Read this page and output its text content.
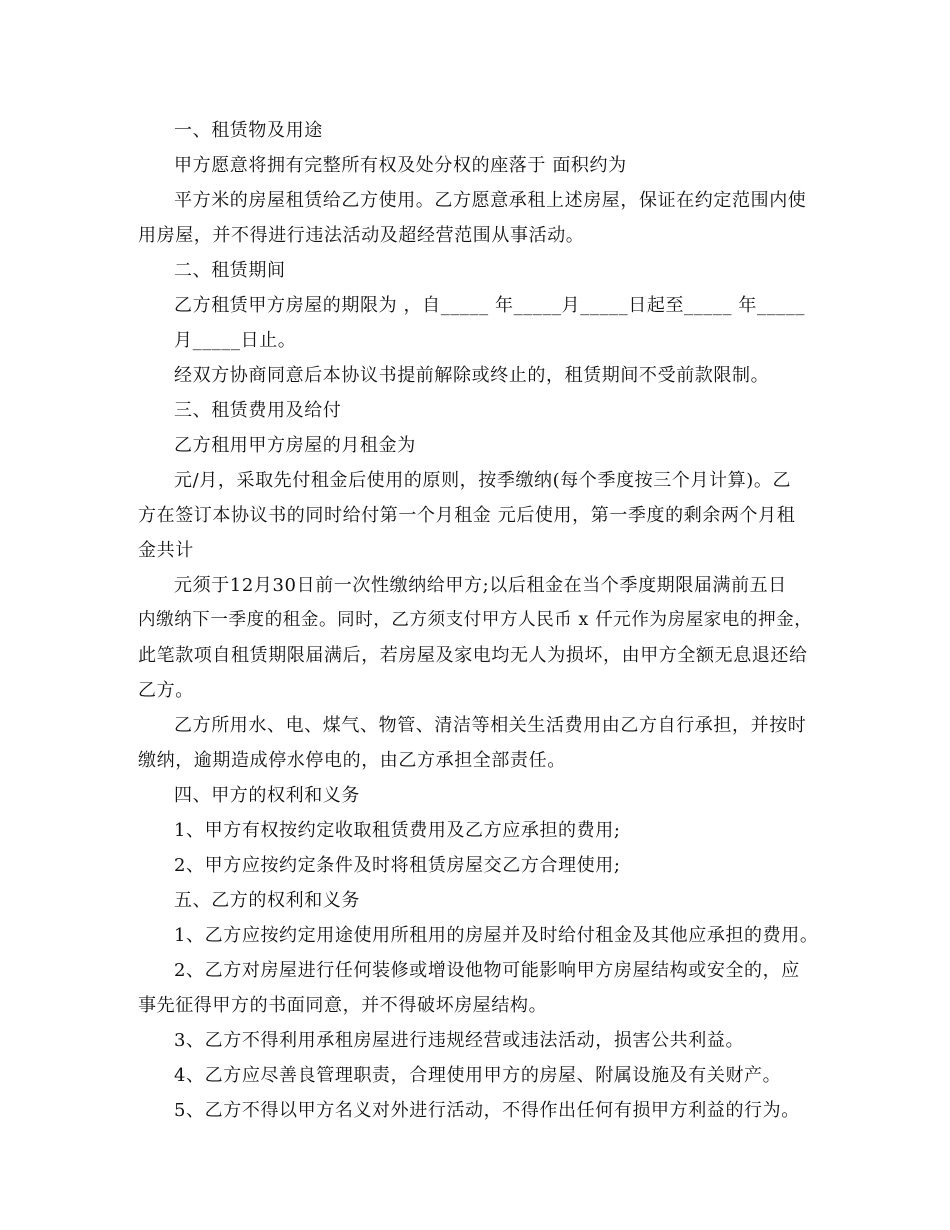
一、租赁物及用途
甲方愿意将拥有完整所有权及处分权的座落于 面积约为
平方米的房屋租赁给乙方使用。乙方愿意承租上述房屋，保证在约定范围内使
用房屋，并不得进行违法活动及超经营范围从事活动。
二、租赁期间
乙方租赁甲方房屋的期限为 ，自_____ 年_____月_____日起至_____ 年_____
月_____日止。
经双方协商同意后本协议书提前解除或终止的，租赁期间不受前款限制。
三、租赁费用及给付
乙方租用甲方房屋的月租金为
元/月，采取先付租金后使用的原则，按季缴纳(每个季度按三个月计算)。乙
方在签订本协议书的同时给付第一个月租金 元后使用，第一季度的剩余两个月租
金共计
元须于12月30日前一次性缴纳给甲方;以后租金在当个季度期限届满前五日
内缴纳下一季度的租金。同时，乙方须支付甲方人民币 x 仟元作为房屋家电的押金，
此笔款项自租赁期限届满后，若房屋及家电均无人为损坏，由甲方全额无息退还给
乙方。
乙方所用水、电、煤气、物管、清洁等相关生活费用由乙方自行承担，并按时
缴纳，逾期造成停水停电的，由乙方承担全部责任。
四、甲方的权利和义务
1、甲方有权按约定收取租赁费用及乙方应承担的费用;
2、甲方应按约定条件及时将租赁房屋交乙方合理使用;
五、乙方的权利和义务
1、乙方应按约定用途使用所租用的房屋并及时给付租金及其他应承担的费用。
2、乙方对房屋进行任何装修或增设他物可能影响甲方房屋结构或安全的，应
事先征得甲方的书面同意，并不得破坏房屋结构。
3、乙方不得利用承租房屋进行违规经营或违法活动，损害公共利益。
4、乙方应尽善良管理职责，合理使用甲方的房屋、附属设施及有关财产。
5、乙方不得以甲方名义对外进行活动，不得作出任何有损甲方利益的行为。
